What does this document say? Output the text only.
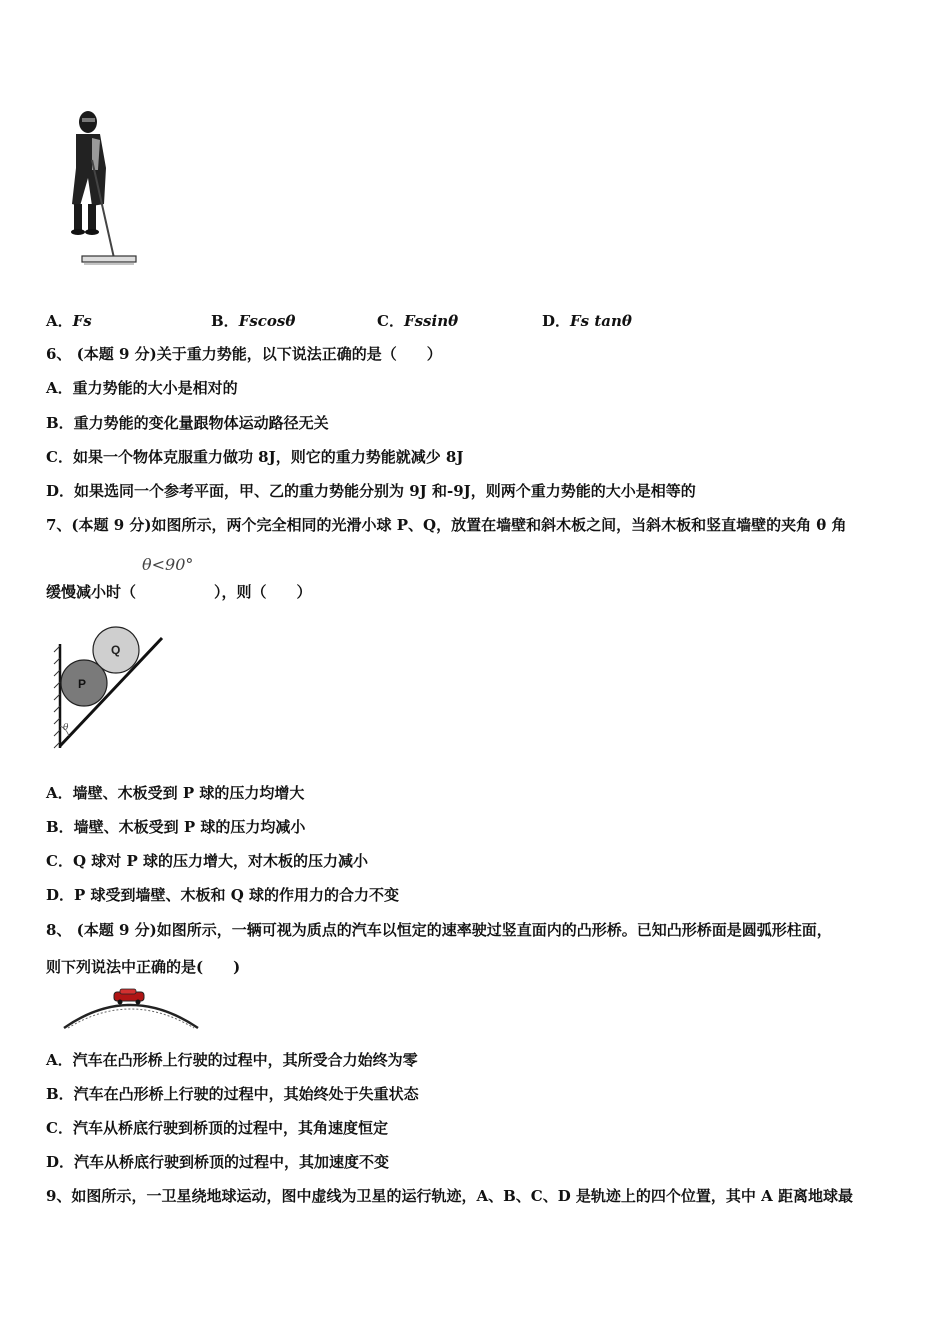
A．Fs	B．Fscosθ	C．Fssinθ	D．Fs tanθ
6、 (本题 9 分)关于重力势能，以下说法正确的是（　　）
A．重力势能的大小是相对的
B．重力势能的变化量跟物体运动路径无关
C．如果一个物体克服重力做功 8J，则它的重力势能就减少 8J
D．如果选同一个参考平面，甲、乙的重力势能分别为 9J 和-9J，则两个重力势能的大小是相等的
7、(本题 9 分)如图所示，两个完全相同的光滑小球 P、Q，放置在墙壁和斜木板之间，当斜木板和竖直墙壁的夹角 θ 角
缓慢减小时（
θ<90°
），则（　　）
Q
P
θ
A．墙壁、木板受到 P 球的压力均增大
B．墙壁、木板受到 P 球的压力均减小
C．Q 球对 P 球的压力增大，对木板的压力减小
D．P 球受到墙壁、木板和 Q 球的作用力的合力不变
8、 (本题 9 分)如图所示，一辆可视为质点的汽车以恒定的速率驶过竖直面内的凸形桥。已知凸形桥面是圆弧形柱面，
则下列说法中正确的是(　　)
A．汽车在凸形桥上行驶的过程中，其所受合力始终为零
B．汽车在凸形桥上行驶的过程中，其始终处于失重状态
C．汽车从桥底行驶到桥顶的过程中，其角速度恒定
D．汽车从桥底行驶到桥顶的过程中，其加速度不变
9、如图所示，一卫星绕地球运动，图中虚线为卫星的运行轨迹，A、B、C、D 是轨迹上的四个位置，其中 A 距离地球最
